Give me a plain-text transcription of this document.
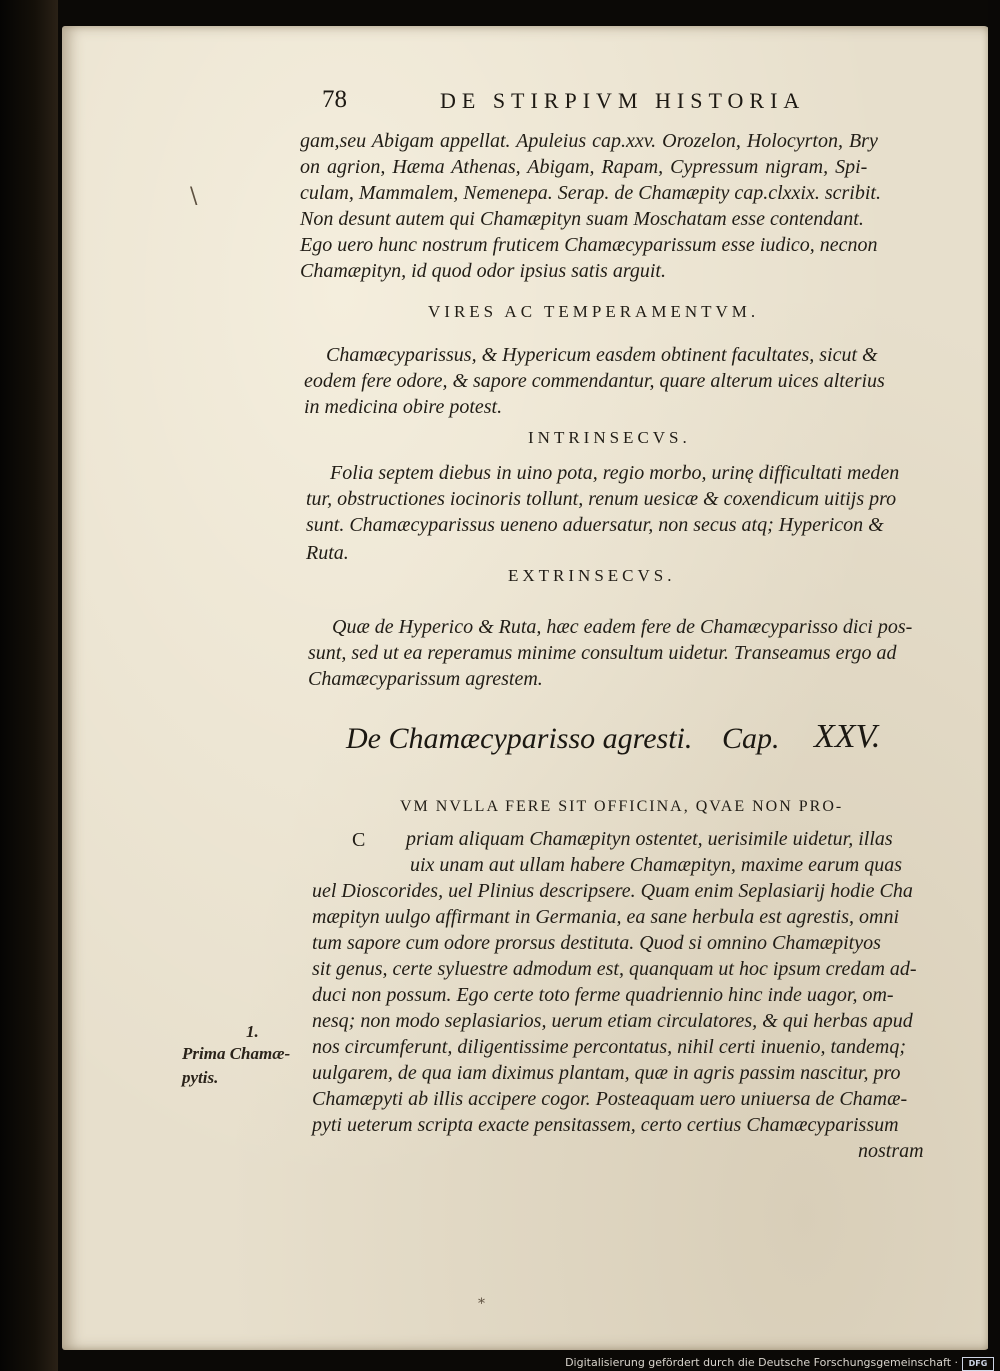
78	DE STIRPIVM HISTORIA
gam,seu Abigam appellat. Apuleius cap.xxv. Orozelon, Holocyrton, Bry
on agrion, Hæma Athenas, Abigam, Rapam, Cypressum nigram, Spi-
culam, Mammalem, Nemenepa. Serap. de Chamæpity cap.clxxix. scribit.
Non desunt autem qui Chamæpityn suam Moschatam esse contendant.
Ego uero hunc nostrum fruticem Chamæcyparissum esse iudico, necnon
Chamæpityn, id quod odor ipsius satis arguit.
VIRES AC TEMPERAMENTVM.
Chamæcyparissus, & Hypericum easdem obtinent facultates, sicut &
eodem fere odore, & sapore commendantur, quare alterum uices alterius
in medicina obire potest.
INTRINSECVS.
Folia septem diebus in uino pota, regio morbo, urinę difficultati meden
tur, obstructiones iocinoris tollunt, renum uesicæ & coxendicum uitijs pro
sunt. Chamæcyparissus ueneno aduersatur, non secus atq; Hypericon &
Ruta.
EXTRINSECVS.
Quæ de Hyperico & Ruta, hæc eadem fere de Chamæcyparisso dici pos-
sunt, sed ut ea reperamus minime consultum uidetur. Transeamus ergo ad
Chamæcyparissum agrestem.
De Chamæcyparisso agresti. Cap. XXV.
C
VM NVLLA FERE SIT OFFICINA, QVAE NON PRO-
priam aliquam Chamæpityn ostentet, uerisimile uidetur, illas
uix unam aut ullam habere Chamæpityn, maxime earum quas
uel Dioscorides, uel Plinius descripsere. Quam enim Seplasiarij hodie Cha
mæpityn uulgo affirmant in Germania, ea sane herbula est agrestis, omni
tum sapore cum odore prorsus destituta. Quod si omnino Chamæpityos
sit genus, certe syluestre admodum est, quanquam ut hoc ipsum credam ad-
duci non possum. Ego certe toto ferme quadriennio hinc inde uagor, om-
nesq; non modo seplasiarios, uerum etiam circulatores, & qui herbas apud
nos circumferunt, diligentissime percontatus, nihil certi inuenio, tandemq;
uulgarem, de qua iam diximus plantam, quæ in agris passim nascitur, pro
Chamæpyti ab illis accipere cogor. Posteaquam uero uniuersa de Chamæ-
pyti ueterum scripta exacte pensitassem, certo certius Chamæcyparissum
nostram
1.
Prima Chamæ-
pytis.
\
*
Digitalisierung gefördert durch die Deutsche Forschungsgemeinschaft ·	DFG
